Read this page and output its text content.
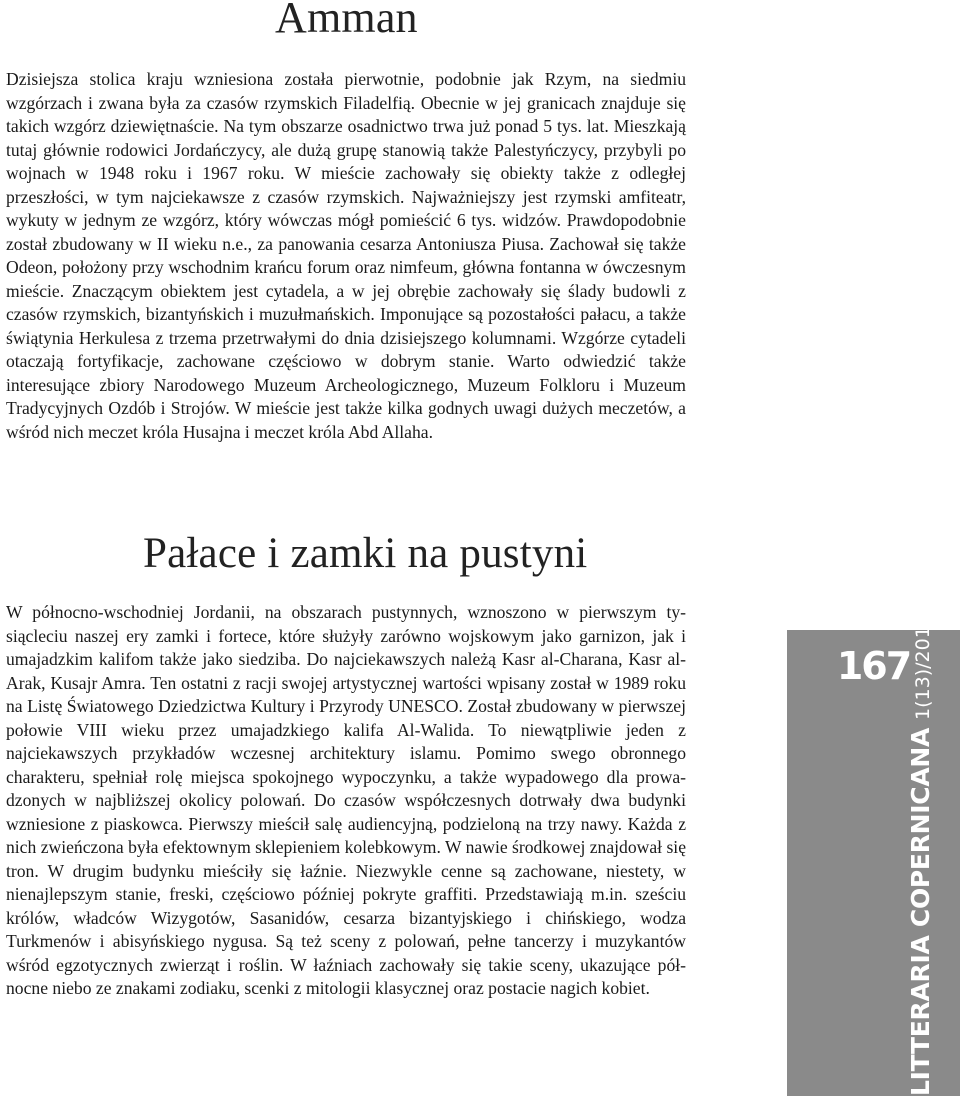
Amman

Dzisiejsza stolica kraju wzniesiona została pierwotnie, podobnie jak Rzym, na siedmiu wzgórzach i zwana była za czasów rzymskich Filadelfią. Obecnie w jej granicach znajduje się takich wzgórz dziewiętnaście. Na tym obszarze osadnictwo trwa już ponad 5 tys. lat. Mieszkają tutaj głównie rodowici Jordańczycy, ale dużą grupę stanowią także Palestyńczycy, przybyli po wojnach w 1948 roku i 1967 roku. W mieście zachowały się obiekty także z odległej przeszłości, w tym najciekawsze z czasów rzymskich. Najważniejszy jest rzymski amfiteatr, wykuty w jednym ze wzgórz, który wówczas mógł pomieścić 6 tys. widzów. Prawdopodobnie został zbudowany w II wieku n.e., za panowania cesarza Antoniusza Piusa. Zachował się także Odeon, położony przy wschodnim krańcu forum oraz nimfeum, główna fontanna w ówczesnym mieście. Znaczącym obiektem jest cytadela, a w jej obrębie zachowały się ślady budowli z czasów rzymskich, bizantyńskich i muzułmańskich. Imponujące są pozostałości pałacu, a także świątynia Herkulesa z trzema przetrwałymi do dnia dzisiejszego kolumnami. Wzgórze cytadeli otaczają fortyfikacje, zachowane częściowo w dobrym stanie. Warto odwiedzić także interesujące zbiory Narodowego Muzeum Archeologicznego, Muzeum Folkloru i Muzeum Tradycyjnych Ozdób i Strojów. W mieście jest także kilka godnych uwagi dużych meczetów, a wśród nich meczet króla Husajna i meczet króla Abd Allaha.

Pałace i zamki na pustyni

W północno-wschodniej Jordanii, na obszarach pustynnych, wznoszono w pierwszym tysiącleciu naszej ery zamki i fortece, które służyły zarówno wojskowym jako garnizon, jak i umajadzkim kalifom także jako siedziba. Do najciekawszych należą Kasr al-Charana, Kasr al-Arak, Kusajr Amra. Ten ostatni z racji swojej artystycznej wartości wpisany został w 1989 roku na Listę Światowego Dziedzictwa Kultury i Przyrody UNESCO. Został zbudowany w pierwszej połowie VIII wieku przez umajadzkiego kalifa Al-Walida. To niewątpliwie jeden z najciekawszych przykładów wczesnej architektury islamu. Pomimo swego obronnego charakteru, spełniał rolę miejsca spokojnego wypoczynku, a także wypadowego dla prowadzonych w najbliższej okolicy polowań. Do czasów współczesnych dotrwały dwa budynki wzniesione z piaskowca. Pierwszy mieścił salę audiencyjną, podzieloną na trzy nawy. Każda z nich zwieńczona była efektownym sklepieniem kolebkowym. W nawie środkowej znajdował się tron. W drugim budynku mieściły się łaźnie. Niezwykle cenne są zachowane, niestety, w nienajlepszym stanie, freski, częściowo później pokryte graffiti. Przedstawiają m.in. sześciu królów, władców Wizygotów, Sasanidów, cesarza bizantyjskiego i chińskiego, wodza Turkmenów i abisyńskiego nygusa. Są też sceny z polowań, pełne tancerzy i muzykantów wśród egzotycznych zwierząt i roślin. W łaźniach zachowały się takie sceny, ukazujące północne niebo ze znakami zodiaku, scenki z mitologii klasycznej oraz postacie nagich kobiet.

167
LITTERARIA COPERNICANA1(13)/2014
